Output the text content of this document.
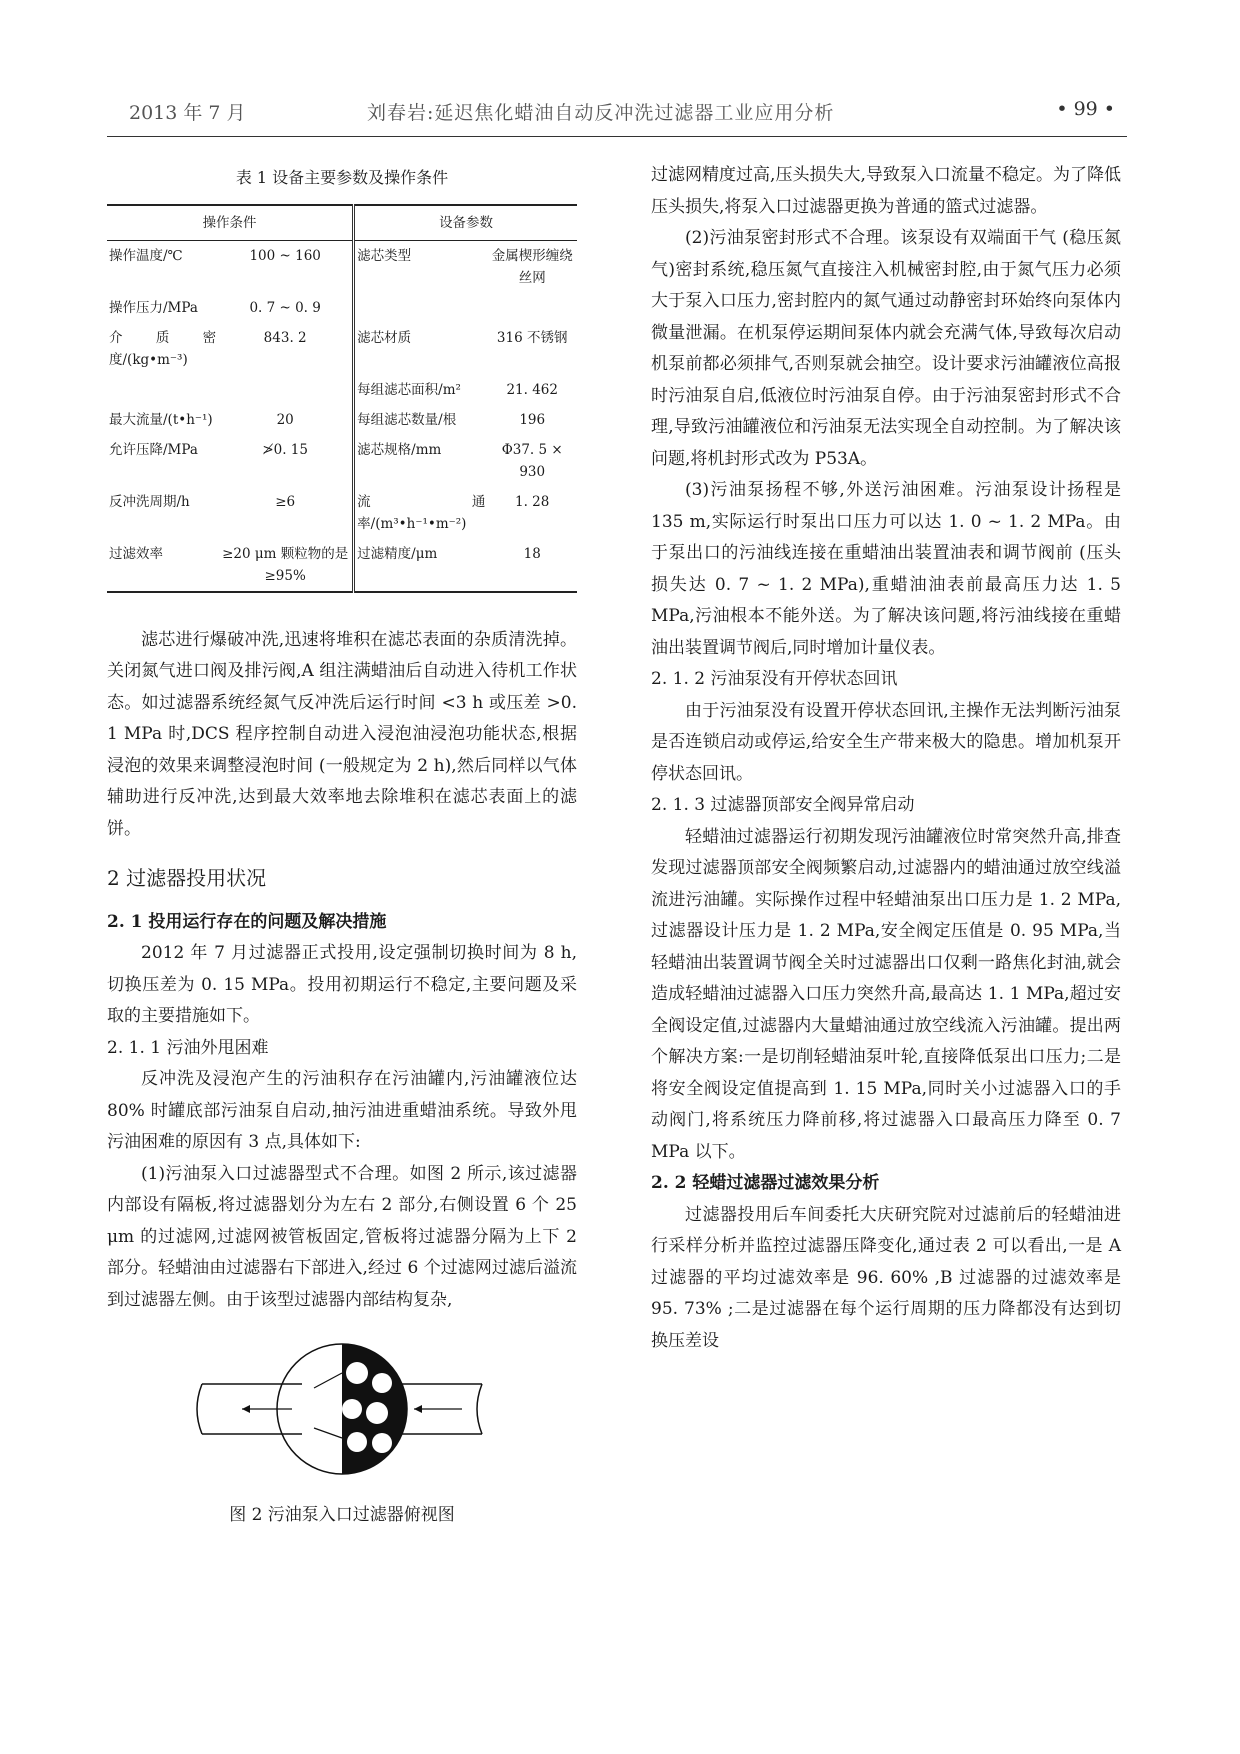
2013 年 7 月	刘春岩:延迟焦化蜡油自动反冲洗过滤器工业应用分析	• 99 •
表 1 设备主要参数及操作条件
操作条件		设备参数	
操作温度/℃	100 ~ 160	滤芯类型	金属楔形缠绕丝网
操作压力/MPa	0. 7 ~ 0. 9		
介质密度/(kg•m⁻³)	843. 2	滤芯材质	316 不锈钢
		每组滤芯面积/m²	21. 462
最大流量/(t•h⁻¹)	20	每组滤芯数量/根	196
允许压降/MPa	≯0. 15	滤芯规格/mm	Φ37. 5 × 930
反冲洗周期/h	≥6	流通率/(m³•h⁻¹•m⁻²)	1. 28
过滤效率	≥20 μm 颗粒物的是≥95%	过滤精度/μm	18

滤芯进行爆破冲洗,迅速将堆积在滤芯表面的杂质清洗掉。关闭氮气进口阀及排污阀,A 组注满蜡油后自动进入待机工作状态。如过滤器系统经氮气反冲洗后运行时间 <3 h 或压差 >0. 1 MPa 时,DCS 程序控制自动进入浸泡油浸泡功能状态,根据浸泡的效果来调整浸泡时间 (一般规定为 2 h),然后同样以气体辅助进行反冲洗,达到最大效率地去除堆积在滤芯表面上的滤饼。

2 过滤器投用状况

2. 1 投用运行存在的问题及解决措施

2012 年 7 月过滤器正式投用,设定强制切换时间为 8 h,切换压差为 0. 15 MPa。投用初期运行不稳定,主要问题及采取的主要措施如下。

2. 1. 1 污油外甩困难

反冲洗及浸泡产生的污油积存在污油罐内,污油罐液位达 80% 时罐底部污油泵自启动,抽污油进重蜡油系统。导致外甩污油困难的原因有 3 点,具体如下:

(1)污油泵入口过滤器型式不合理。如图 2 所示,该过滤器内部设有隔板,将过滤器划分为左右 2 部分,右侧设置 6 个 25 μm 的过滤网,过滤网被管板固定,管板将过滤器分隔为上下 2 部分。轻蜡油由过滤器右下部进入,经过 6 个过滤网过滤后溢流到过滤器左侧。由于该型过滤器内部结构复杂,

图 2 污油泵入口过滤器俯视图

过滤网精度过高,压头损失大,导致泵入口流量不稳定。为了降低压头损失,将泵入口过滤器更换为普通的篮式过滤器。

(2)污油泵密封形式不合理。该泵设有双端面干气 (稳压氮气)密封系统,稳压氮气直接注入机械密封腔,由于氮气压力必须大于泵入口压力,密封腔内的氮气通过动静密封环始终向泵体内微量泄漏。在机泵停运期间泵体内就会充满气体,导致每次启动机泵前都必须排气,否则泵就会抽空。设计要求污油罐液位高报时污油泵自启,低液位时污油泵自停。由于污油泵密封形式不合理,导致污油罐液位和污油泵无法实现全自动控制。为了解决该问题,将机封形式改为 P53A。

(3)污油泵扬程不够,外送污油困难。污油泵设计扬程是 135 m,实际运行时泵出口压力可以达 1. 0 ~ 1. 2 MPa。由于泵出口的污油线连接在重蜡油出装置油表和调节阀前 (压头损失达 0. 7 ~ 1. 2 MPa),重蜡油油表前最高压力达 1. 5 MPa,污油根本不能外送。为了解决该问题,将污油线接在重蜡油出装置调节阀后,同时增加计量仪表。

2. 1. 2 污油泵没有开停状态回讯

由于污油泵没有设置开停状态回讯,主操作无法判断污油泵是否连锁启动或停运,给安全生产带来极大的隐患。增加机泵开停状态回讯。

2. 1. 3 过滤器顶部安全阀异常启动

轻蜡油过滤器运行初期发现污油罐液位时常突然升高,排查发现过滤器顶部安全阀频繁启动,过滤器内的蜡油通过放空线溢流进污油罐。实际操作过程中轻蜡油泵出口压力是 1. 2 MPa,过滤器设计压力是 1. 2 MPa,安全阀定压值是 0. 95 MPa,当轻蜡油出装置调节阀全关时过滤器出口仅剩一路焦化封油,就会造成轻蜡油过滤器入口压力突然升高,最高达 1. 1 MPa,超过安全阀设定值,过滤器内大量蜡油通过放空线流入污油罐。提出两个解决方案:一是切削轻蜡油泵叶轮,直接降低泵出口压力;二是将安全阀设定值提高到 1. 15 MPa,同时关小过滤器入口的手动阀门,将系统压力降前移,将过滤器入口最高压力降至 0. 7 MPa 以下。

2. 2 轻蜡过滤器过滤效果分析

过滤器投用后车间委托大庆研究院对过滤前后的轻蜡油进行采样分析并监控过滤器压降变化,通过表 2 可以看出,一是 A 过滤器的平均过滤效率是 96. 60% ,B 过滤器的过滤效率是 95. 73% ;二是过滤器在每个运行周期的压力降都没有达到切换压差设
